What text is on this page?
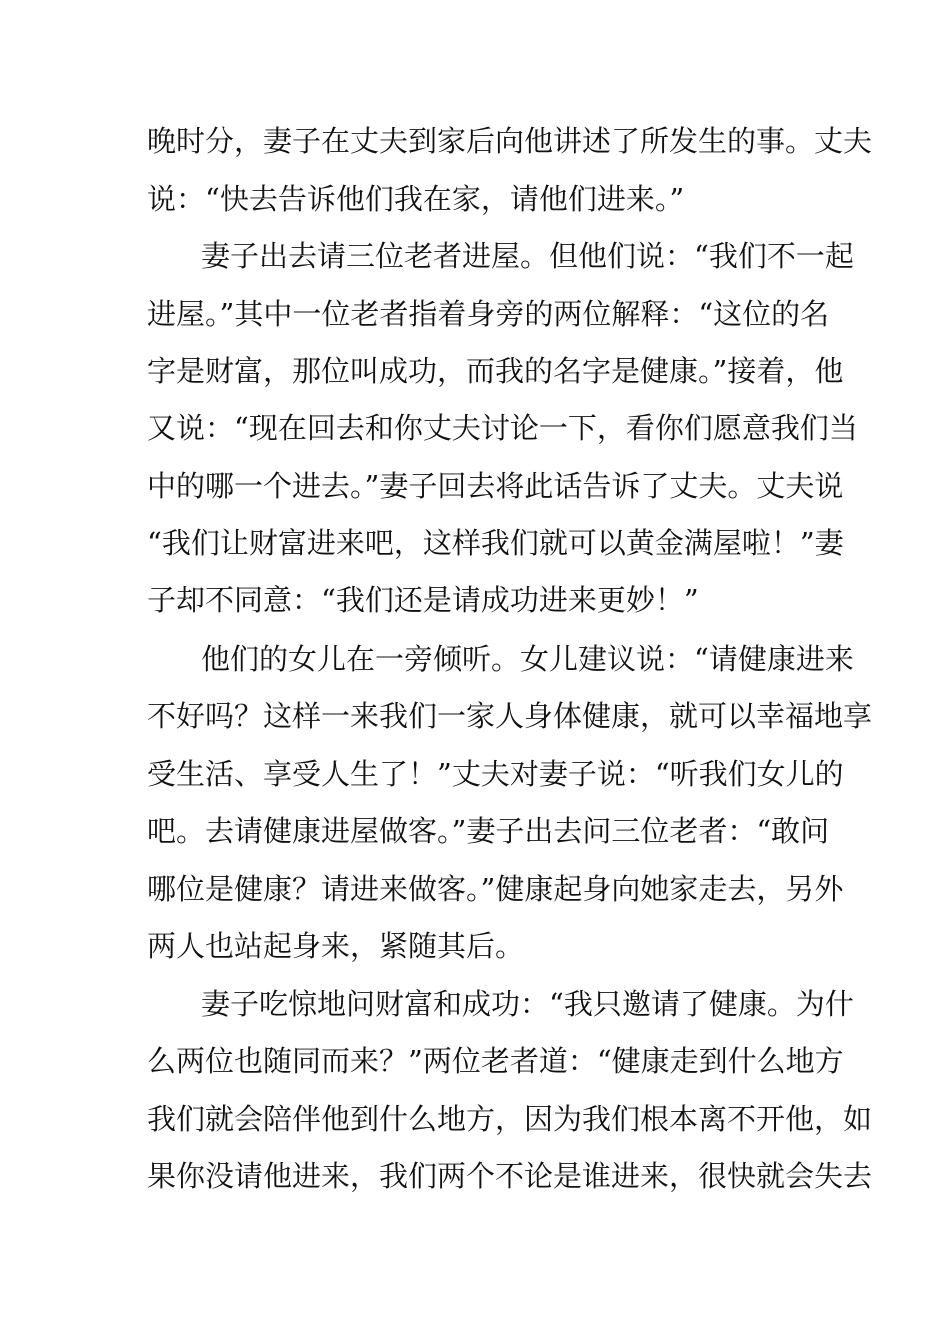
晚时分，妻子在丈夫到家后向他讲述了所发生的事。丈夫
说：“快去告诉他们我在家，请他们进来。”
妻子出去请三位老者进屋。但他们说：“我们不一起
进屋。”其中一位老者指着身旁的两位解释：“这位的名
字是财富，那位叫成功，而我的名字是健康。”接着，他
又说：“现在回去和你丈夫讨论一下，看你们愿意我们当
中的哪一个进去。”妻子回去将此话告诉了丈夫。丈夫说
“我们让财富进来吧，这样我们就可以黄金满屋啦！”妻
子却不同意：“我们还是请成功进来更妙！”
他们的女儿在一旁倾听。女儿建议说：“请健康进来
不好吗？这样一来我们一家人身体健康，就可以幸福地享
受生活、享受人生了！”丈夫对妻子说：“听我们女儿的
吧。去请健康进屋做客。”妻子出去问三位老者：“敢问
哪位是健康？请进来做客。”健康起身向她家走去，另外
两人也站起身来，紧随其后。
妻子吃惊地问财富和成功：“我只邀请了健康。为什
么两位也随同而来？”两位老者道：“健康走到什么地方
我们就会陪伴他到什么地方，因为我们根本离不开他，如
果你没请他进来，我们两个不论是谁进来，很快就会失去
